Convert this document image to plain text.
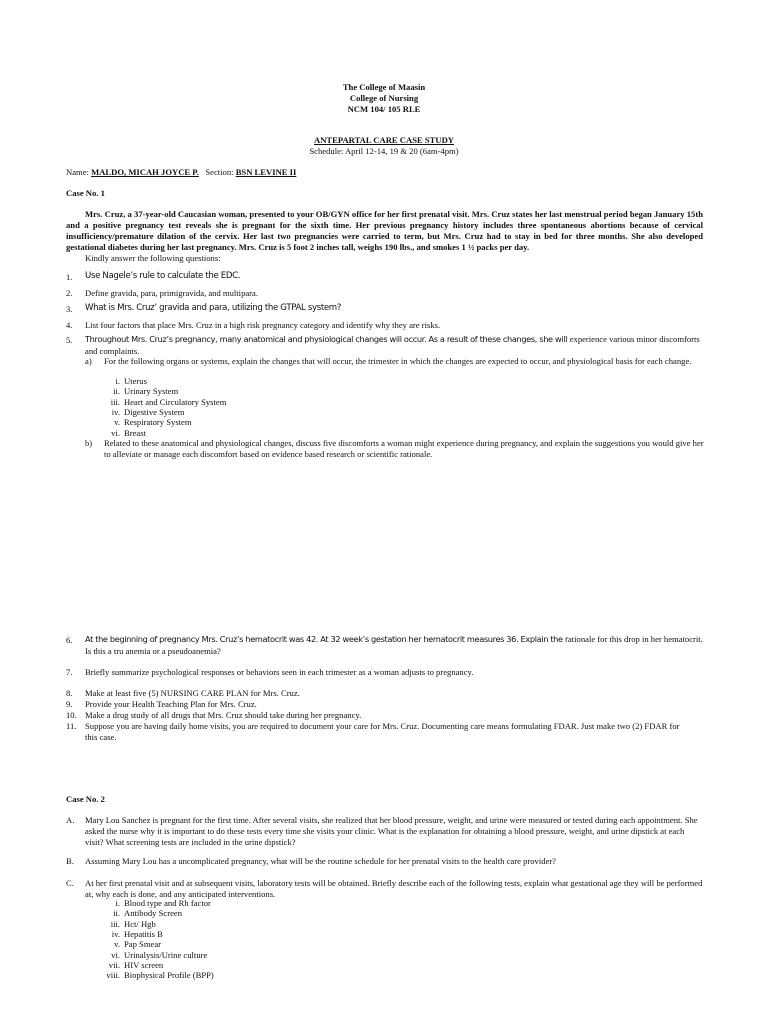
The College of Maasin
College of Nursing
NCM 104/ 105 RLE
ANTEPARTAL CARE CASE STUDY
Schedule: April 12-14, 19 & 20 (6am-4pm)
Name: MALDO, MICAH JOYCE P. Section: BSN LEVINE II
Case No. 1
Mrs. Cruz, a 37-year-old Caucasian woman, presented to your OB/GYN office for her first prenatal visit. Mrs. Cruz states her last menstrual period began January 15th and a positive pregnancy test reveals she is pregnant for the sixth time. Her previous pregnancy history includes three spontaneous abortions because of cervical insufficiency/premature dilation of the cervix. Her last two pregnancies were carried to term, but Mrs. Cruz had to stay in bed for three months. She also developed gestational diabetes during her last pregnancy. Mrs. Cruz is 5 foot 2 inches tall, weighs 190 lbs., and smokes 1 ½ packs per day.
Kindly answer the following questions:
1. Use Nagele’s rule to calculate the EDC.
2. Define gravida, para, primigravida, and multipara.
3. What is Mrs. Cruz’ gravida and para, utilizing the GTPAL system?
4. List four factors that place Mrs. Cruz in a high risk pregnancy category and identify why they are risks.
5. Throughout Mrs. Cruz’s pregnancy, many anatomical and physiological changes will occur. As a result of these changes, she will experience various minor discomforts
and complaints.
a) For the following organs or systems, explain the changes that will occur, the trimester in which the changes are expected to occur, and physiological basis for each change.
i. Uterus
ii. Urinary System
iii. Heart and Circulatory System
iv. Digestive System
v. Respiratory System
vi. Breast
b) Related to these anatomical and physiological changes, discuss five discomforts a woman might experience during pregnancy, and explain the suggestions you would give her to alleviate or manage each discomfort based on evidence based research or scientific rationale.
6. At the beginning of pregnancy Mrs. Cruz’s hematocrit was 42. At 32 week’s gestation her hematocrit measures 36. Explain the rationale for this drop in her hematocrit.
Is this a tru anemia or a pseudoanemia?
7. Briefly summarize psychological responses or behaviors seen in each trimester as a woman adjusts to pregnancy.
8. Make at least five (5) NURSING CARE PLAN for Mrs. Cruz.
9. Provide your Health Teaching Plan for Mrs. Cruz.
10. Make a drug study of all drugs that Mrs. Cruz should take during her pregnancy.
11. Suppose you are having daily home visits, you are required to document your care for Mrs. Cruz. Documenting care means formulating FDAR. Just make two (2) FDAR for this case.
Case No. 2
A. Mary Lou Sanchez is pregnant for the first time. After several visits, she realized that her blood pressure, weight, and urine were measured or tested during each appointment. She asked the nurse why it is important to do these tests every time she visits your clinic. What is the explanation for obtaining a blood pressure, weight, and urine dipstick at each visit? What screening tests are included in the urine dipstick?
B. Assuming Mary Lou has a uncomplicated pregnancy, what will be the routine schedule for her prenatal visits to the health care provider?
C. At her first prenatal visit and at subsequent visits, laboratory tests will be obtained. Briefly describe each of the following tests, explain what gestational age they will be performed at, why each is done, and any anticipated interventions.
i. Blood type and Rh factor
ii. Antibody Screen
iii. Hct/ Hgb
iv. Hepatitis B
v. Pap Smear
vi. Urinalysis/Urine culture
vii. HIV screen
viii. Biophysical Profile (BPP)
